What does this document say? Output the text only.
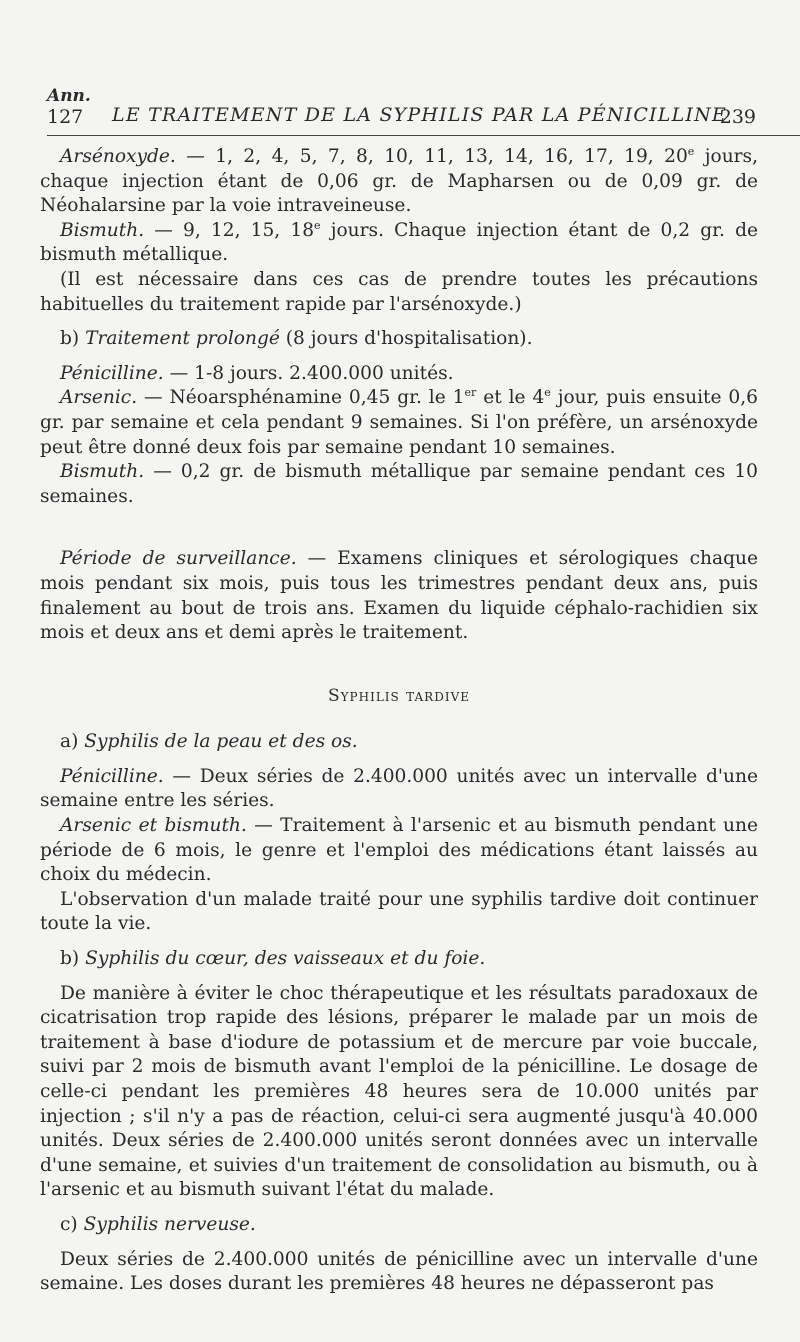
Ann.
127 LE TRAITEMENT DE LA SYPHILIS PAR LA PÉNICILLINE
239

Arsénoxyde. — 1, 2, 4, 5, 7, 8, 10, 11, 13, 14, 16, 17, 19, 20e jours, chaque injection étant de 0,06 gr. de Mapharsen ou de 0,09 gr. de Néohalarsine par la voie intraveineuse.

Bismuth. — 9, 12, 15, 18e jours. Chaque injection étant de 0,2 gr. de bismuth métallique.

(Il est nécessaire dans ces cas de prendre toutes les précautions habituelles du traitement rapide par l'arsénoxyde.)

b) Traitement prolongé (8 jours d'hospitalisation).

Pénicilline. — 1-8 jours. 2.400.000 unités.

Arsenic. — Néoarsphénamine 0,45 gr. le 1er et le 4e jour, puis ensuite 0,6 gr. par semaine et cela pendant 9 semaines. Si l'on préfère, un arsénoxyde peut être donné deux fois par semaine pendant 10 semaines.

Bismuth. — 0,2 gr. de bismuth métallique par semaine pendant ces 10 semaines.

Période de surveillance. — Examens cliniques et sérologiques chaque mois pendant six mois, puis tous les trimestres pendant deux ans, puis finalement au bout de trois ans. Examen du liquide céphalo-rachidien six mois et deux ans et demi après le traitement.

Syphilis tardive

a) Syphilis de la peau et des os.

Pénicilline. — Deux séries de 2.400.000 unités avec un intervalle d'une semaine entre les séries.

Arsenic et bismuth. — Traitement à l'arsenic et au bismuth pendant une période de 6 mois, le genre et l'emploi des médications étant laissés au choix du médecin.

L'observation d'un malade traité pour une syphilis tardive doit continuer toute la vie.

b) Syphilis du cœur, des vaisseaux et du foie.

De manière à éviter le choc thérapeutique et les résultats paradoxaux de cicatrisation trop rapide des lésions, préparer le malade par un mois de traitement à base d'iodure de potassium et de mercure par voie buccale, suivi par 2 mois de bismuth avant l'emploi de la pénicilline. Le dosage de celle-ci pendant les premières 48 heures sera de 10.000 unités par injection ; s'il n'y a pas de réaction, celui-ci sera augmenté jusqu'à 40.000 unités. Deux séries de 2.400.000 unités seront données avec un intervalle d'une semaine, et suivies d'un traitement de consolidation au bismuth, ou à l'arsenic et au bismuth suivant l'état du malade.

c) Syphilis nerveuse.

Deux séries de 2.400.000 unités de pénicilline avec un intervalle d'une semaine. Les doses durant les premières 48 heures ne dépasseront pas
